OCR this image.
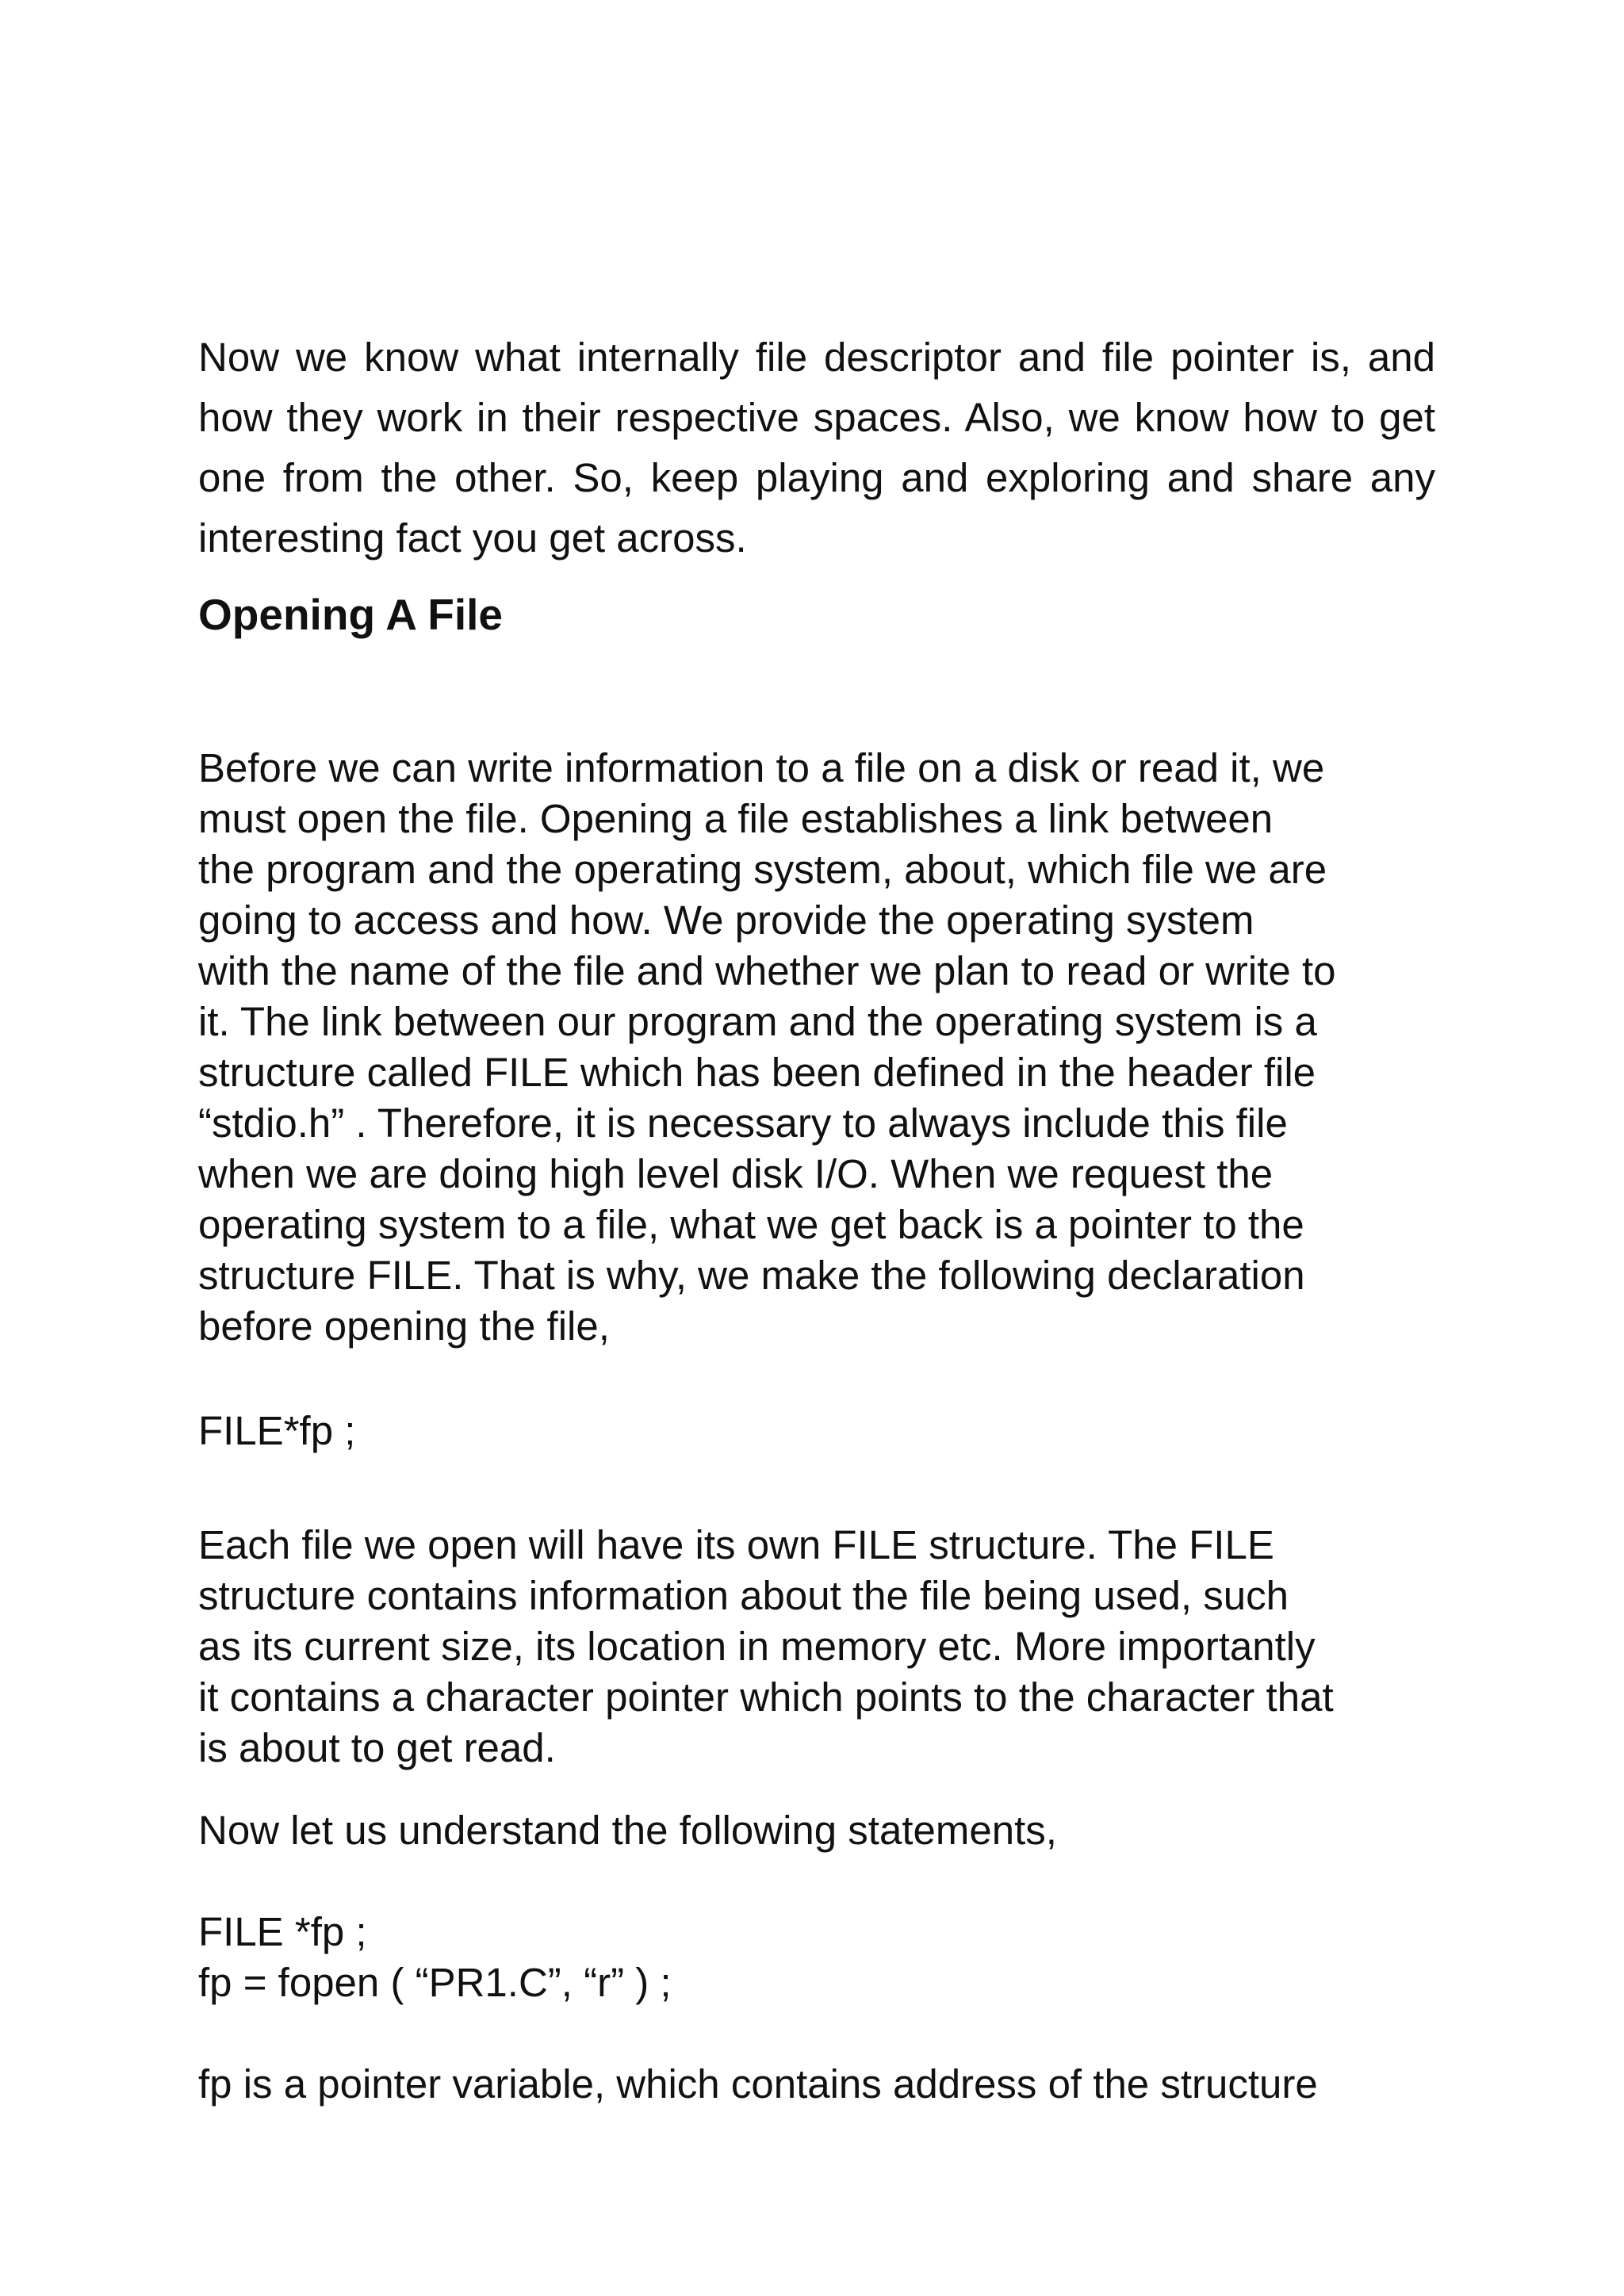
Now we know what internally file descriptor and file pointer is, and how they work in their respective spaces. Also, we know how to get one from the other. So, keep playing and exploring and share any interesting fact you get across.

Opening A File
Before we can write information to a file on a disk or read it, we
must open the file. Opening a file establishes a link between
the program and the operating system, about, which file we are
going to access and how. We provide the operating system
with the name of the file and whether we plan to read or write to
it. The link between our program and the operating system is a
structure called FILE which has been defined in the header file
“stdio.h” . Therefore, it is necessary to always include this file
when we are doing high level disk I/O. When we request the
operating system to a file, what we get back is a pointer to the
structure FILE. That is why, we make the following declaration
before opening the file,
FILE*fp ;
Each file we open will have its own FILE structure. The FILE
structure contains information about the file being used, such
as its current size, its location in memory etc. More importantly
it contains a character pointer which points to the character that
is about to get read.
Now let us understand the following statements,
FILE *fp ;
fp = fopen ( “PR1.C”, “r” ) ;
fp is a pointer variable, which contains address of the structure
